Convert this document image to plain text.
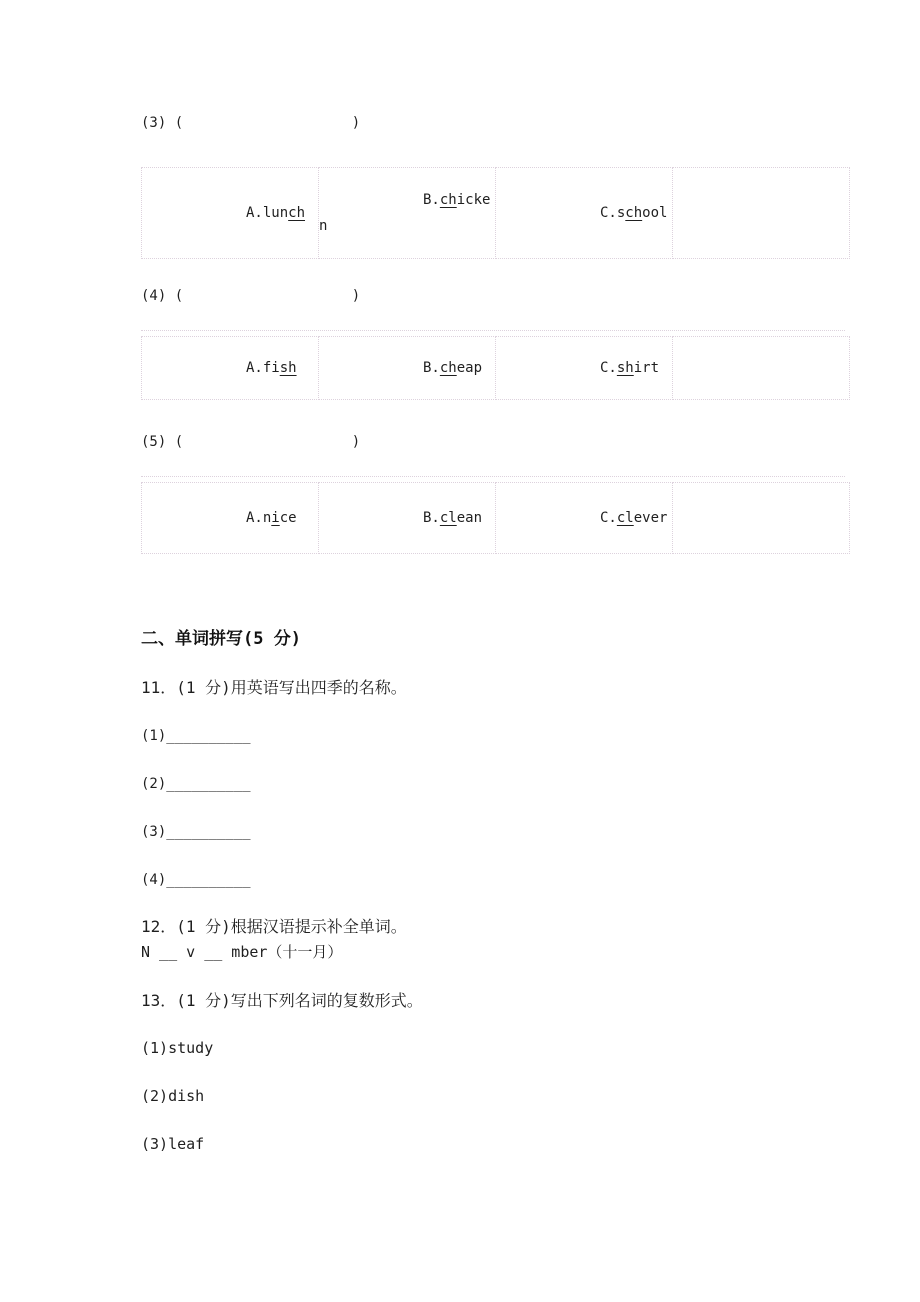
(3) (                    )
A.lunch	B.chicken	C.school	
(4) (                    )
A.fish	B.cheap	C.shirt	
(5) (                    )
A.nice	B.clean	C.clever	
二、单词拼写(5 分)
11．(1 分)用英语写出四季的名称。
(1)__________
(2)__________
(3)__________
(4)__________
12．(1 分)根据汉语提示补全单词。
N __ v __ mber（十一月）
13．(1 分)写出下列名词的复数形式。
(1)study
(2)dish
(3)leaf
